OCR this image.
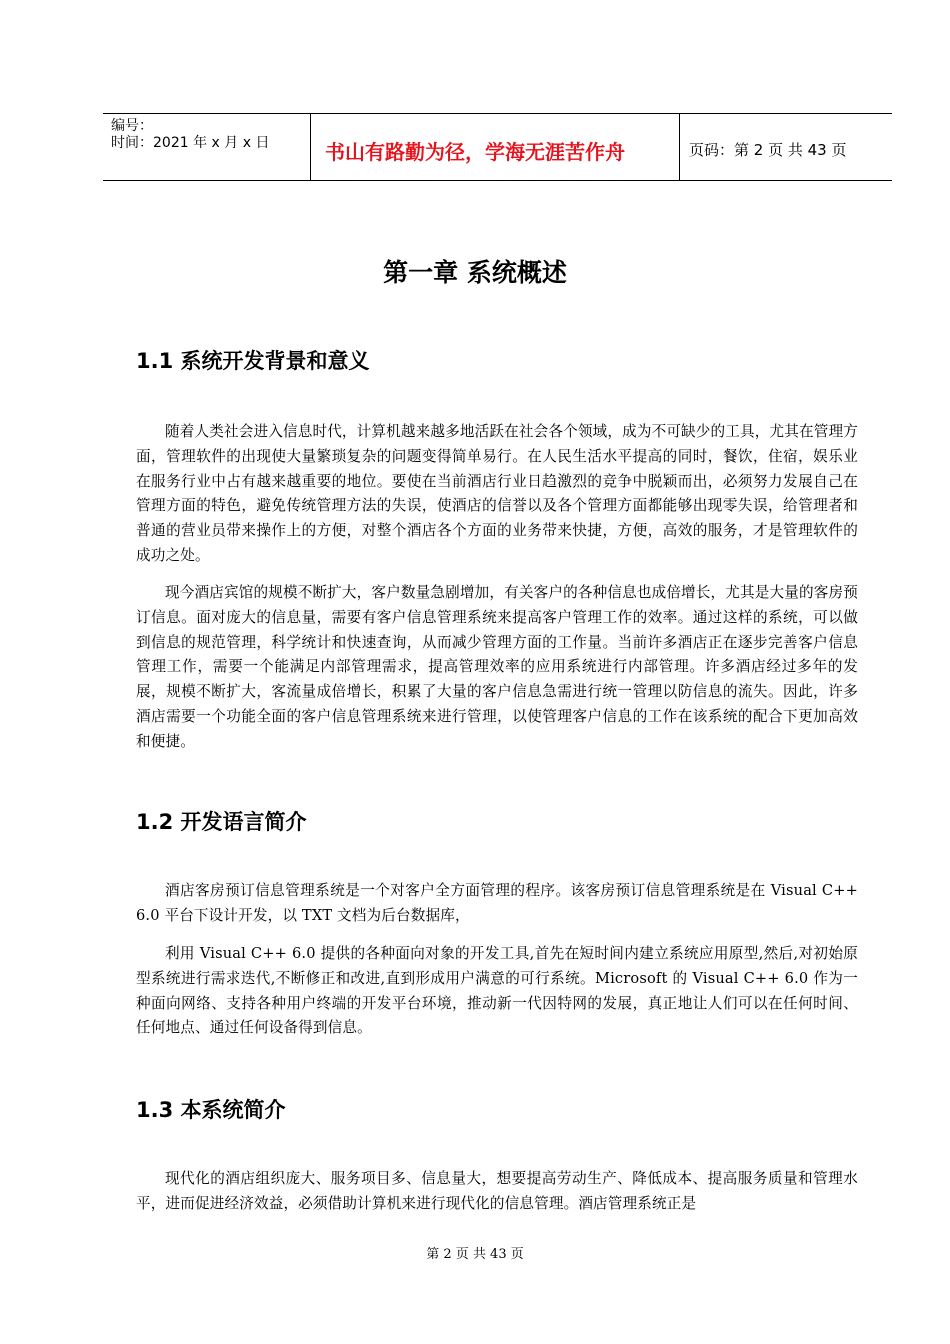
编号：
时间：2021 年 x 月 x 日	书山有路勤为径，学海无涯苦作舟	页码：第 2 页 共 43 页
第一章 系统概述
1.1 系统开发背景和意义
随着人类社会进入信息时代，计算机越来越多地活跃在社会各个领域，成为不可缺少的工具，尤其在管理方面，管理软件的出现使大量繁琐复杂的问题变得简单易行。在人民生活水平提高的同时，餐饮，住宿，娱乐业在服务行业中占有越来越重要的地位。要使在当前酒店行业日趋激烈的竞争中脱颖而出，必须努力发展自己在管理方面的特色，避免传统管理方法的失误，使酒店的信誉以及各个管理方面都能够出现零失误，给管理者和普通的营业员带来操作上的方便，对整个酒店各个方面的业务带来快捷，方便，高效的服务，才是管理软件的成功之处。
现今酒店宾馆的规模不断扩大，客户数量急剧增加，有关客户的各种信息也成倍增长，尤其是大量的客房预订信息。面对庞大的信息量，需要有客户信息管理系统来提高客户管理工作的效率。通过这样的系统，可以做到信息的规范管理，科学统计和快速查询，从而减少管理方面的工作量。当前许多酒店正在逐步完善客户信息管理工作，需要一个能满足内部管理需求，提高管理效率的应用系统进行内部管理。许多酒店经过多年的发展，规模不断扩大，客流量成倍增长，积累了大量的客户信息急需进行统一管理以防信息的流失。因此，许多酒店需要一个功能全面的客户信息管理系统来进行管理，以使管理客户信息的工作在该系统的配合下更加高效和便捷。
1.2 开发语言简介
酒店客房预订信息管理系统是一个对客户全方面管理的程序。该客房预订信息管理系统是在 Visual C++ 6.0 平台下设计开发，以 TXT 文档为后台数据库，
利用 Visual C++ 6.0 提供的各种面向对象的开发工具,首先在短时间内建立系统应用原型,然后,对初始原型系统进行需求迭代,不断修正和改进,直到形成用户满意的可行系统。Microsoft 的 Visual C++ 6.0 作为一种面向网络、支持各种用户终端的开发平台环境，推动新一代因特网的发展，真正地让人们可以在任何时间、任何地点、通过任何设备得到信息。
1.3 本系统简介
现代化的酒店组织庞大、服务项目多、信息量大，想要提高劳动生产、降低成本、提高服务质量和管理水平，进而促进经济效益，必须借助计算机来进行现代化的信息管理。酒店管理系统正是
第 2 页 共 43 页
